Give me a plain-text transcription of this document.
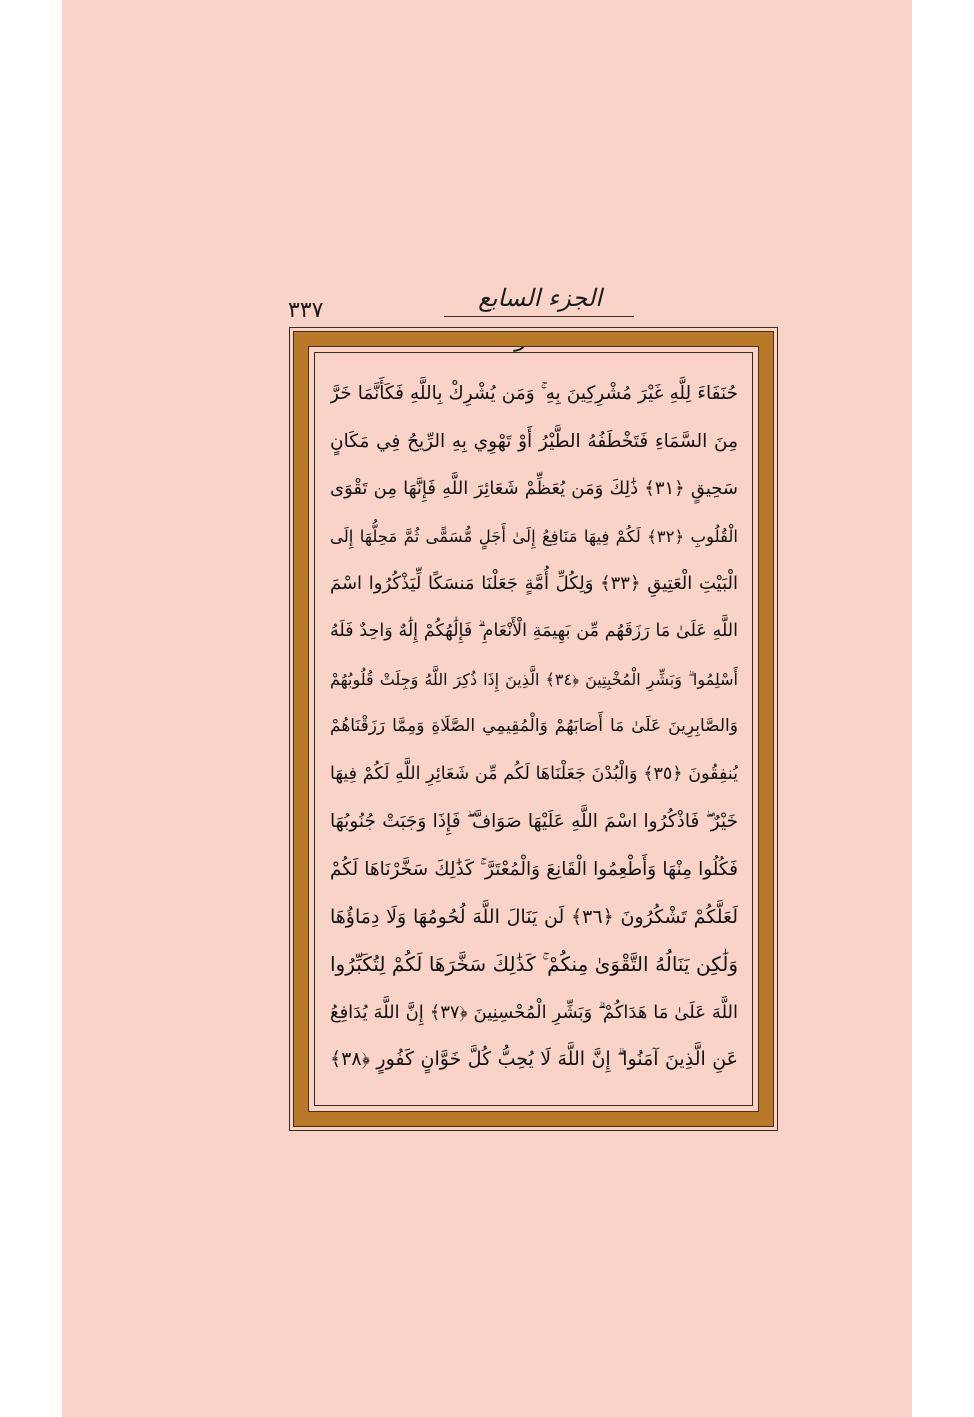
الجزء السابع عشر
٣٣٧
حُنَفَاءَ لِلَّهِ غَيْرَ مُشْرِكِينَ بِهِ ۚ وَمَن يُشْرِكْ بِاللَّهِ فَكَأَنَّمَا خَرَّ
مِنَ السَّمَاءِ فَتَخْطَفُهُ الطَّيْرُ أَوْ تَهْوِي بِهِ الرِّيحُ فِي مَكَانٍ
سَحِيقٍ ﴿٣١﴾ ذَٰلِكَ وَمَن يُعَظِّمْ شَعَائِرَ اللَّهِ فَإِنَّهَا مِن تَقْوَى
الْقُلُوبِ ﴿٣٢﴾ لَكُمْ فِيهَا مَنَافِعُ إِلَىٰ أَجَلٍ مُّسَمًّى ثُمَّ مَحِلُّهَا إِلَى
الْبَيْتِ الْعَتِيقِ ﴿٣٣﴾ وَلِكُلِّ أُمَّةٍ جَعَلْنَا مَنسَكًا لِّيَذْكُرُوا اسْمَ
اللَّهِ عَلَىٰ مَا رَزَقَهُم مِّن بَهِيمَةِ الْأَنْعَامِ ۗ فَإِلَٰهُكُمْ إِلَٰهٌ وَاحِدٌ فَلَهُ
أَسْلِمُوا ۗ وَبَشِّرِ الْمُخْبِتِينَ ﴿٣٤﴾ الَّذِينَ إِذَا ذُكِرَ اللَّهُ وَجِلَتْ قُلُوبُهُمْ
وَالصَّابِرِينَ عَلَىٰ مَا أَصَابَهُمْ وَالْمُقِيمِي الصَّلَاةِ وَمِمَّا رَزَقْنَاهُمْ
يُنفِقُونَ ﴿٣٥﴾ وَالْبُدْنَ جَعَلْنَاهَا لَكُم مِّن شَعَائِرِ اللَّهِ لَكُمْ فِيهَا
خَيْرٌ ۖ فَاذْكُرُوا اسْمَ اللَّهِ عَلَيْهَا صَوَافَّ ۖ فَإِذَا وَجَبَتْ جُنُوبُهَا
فَكُلُوا مِنْهَا وَأَطْعِمُوا الْقَانِعَ وَالْمُعْتَرَّ ۚ كَذَٰلِكَ سَخَّرْنَاهَا لَكُمْ
لَعَلَّكُمْ تَشْكُرُونَ ﴿٣٦﴾ لَن يَنَالَ اللَّهَ لُحُومُهَا وَلَا دِمَاؤُهَا
وَلَٰكِن يَنَالُهُ التَّقْوَىٰ مِنكُمْ ۚ كَذَٰلِكَ سَخَّرَهَا لَكُمْ لِتُكَبِّرُوا
اللَّهَ عَلَىٰ مَا هَدَاكُمْ ۗ وَبَشِّرِ الْمُحْسِنِينَ ﴿٣٧﴾ إِنَّ اللَّهَ يُدَافِعُ
عَنِ الَّذِينَ آمَنُوا ۗ إِنَّ اللَّهَ لَا يُحِبُّ كُلَّ خَوَّانٍ كَفُورٍ ﴿٣٨﴾
